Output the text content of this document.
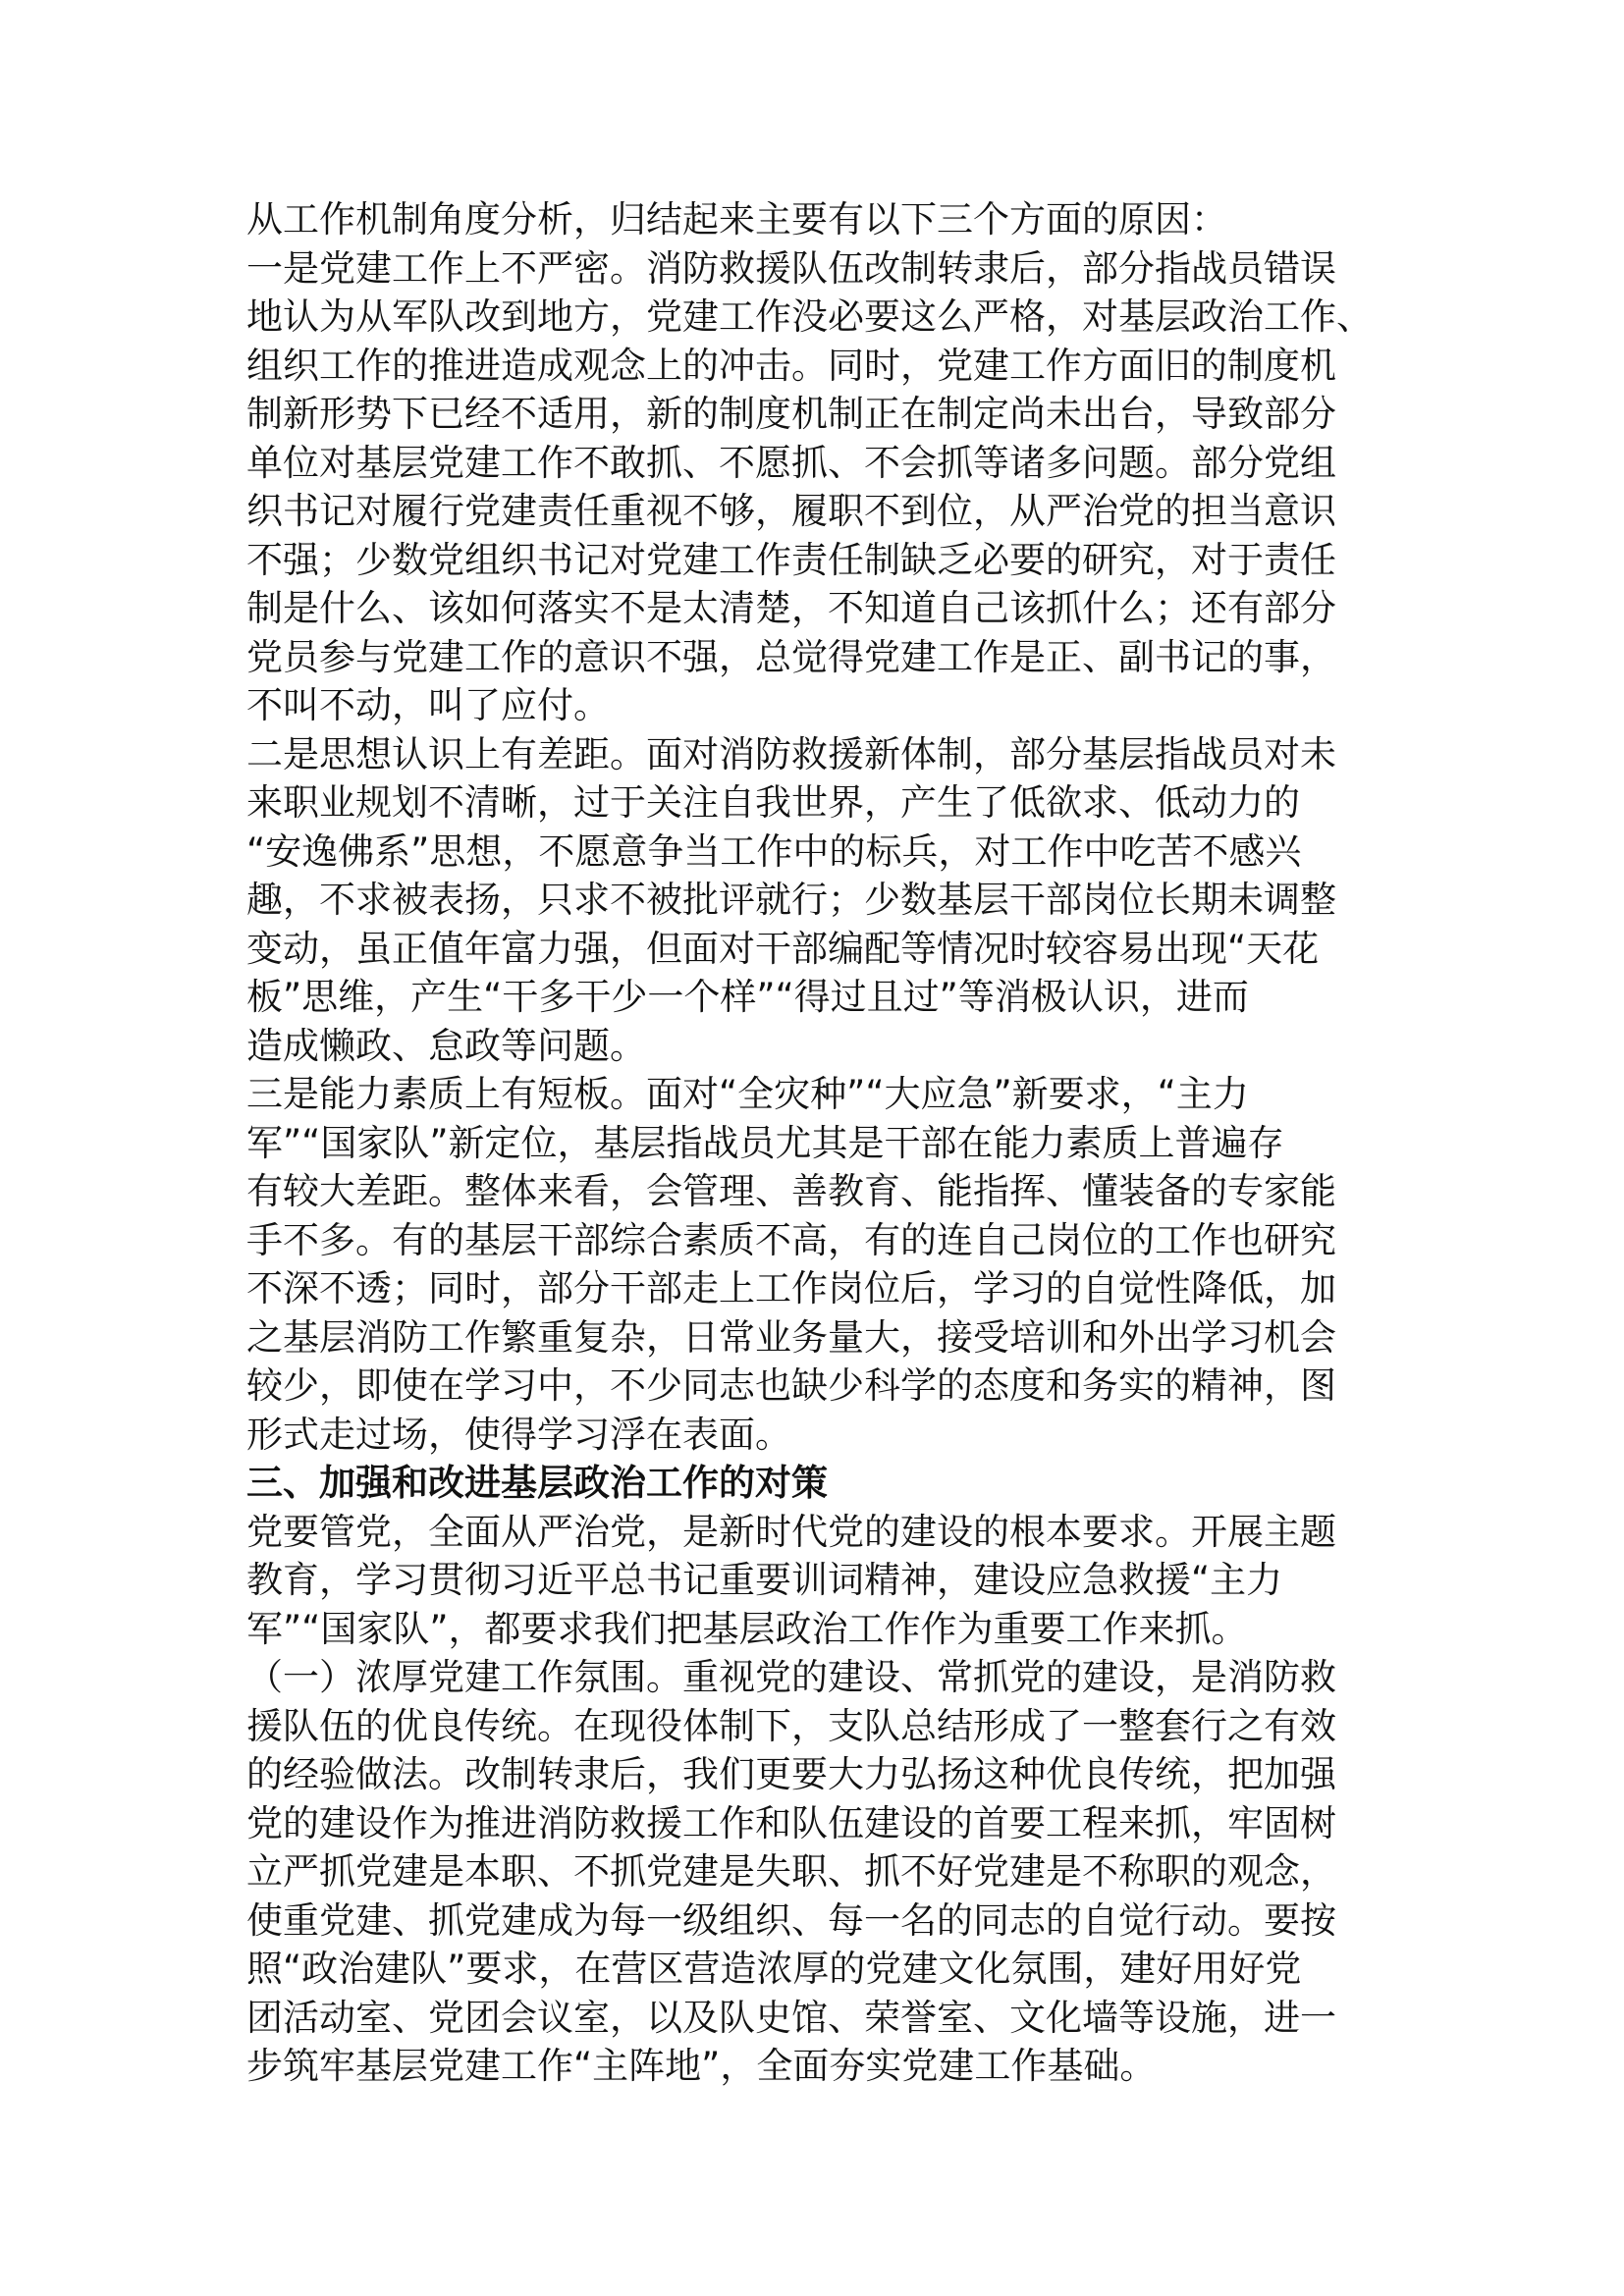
从工作机制角度分析，归结起来主要有以下三个方面的原因：
一是党建工作上不严密。消防救援队伍改制转隶后，部分指战员错误
地认为从军队改到地方，党建工作没必要这么严格，对基层政治工作、
组织工作的推进造成观念上的冲击。同时，党建工作方面旧的制度机
制新形势下已经不适用，新的制度机制正在制定尚未出台，导致部分
单位对基层党建工作不敢抓、不愿抓、不会抓等诸多问题。部分党组
织书记对履行党建责任重视不够，履职不到位，从严治党的担当意识
不强；少数党组织书记对党建工作责任制缺乏必要的研究，对于责任
制是什么、该如何落实不是太清楚，不知道自己该抓什么；还有部分
党员参与党建工作的意识不强，总觉得党建工作是正、副书记的事，
不叫不动，叫了应付。
二是思想认识上有差距。面对消防救援新体制，部分基层指战员对未
来职业规划不清晰，过于关注自我世界，产生了低欲求、低动力的
“安逸佛系”思想，不愿意争当工作中的标兵，对工作中吃苦不感兴
趣，不求被表扬，只求不被批评就行；少数基层干部岗位长期未调整
变动，虽正值年富力强，但面对干部编配等情况时较容易出现“天花
板”思维，产生“干多干少一个样”“得过且过”等消极认识，进而
造成懒政、怠政等问题。
三是能力素质上有短板。面对“全灾种”“大应急”新要求，“主力
军”“国家队”新定位，基层指战员尤其是干部在能力素质上普遍存
有较大差距。整体来看，会管理、善教育、能指挥、懂装备的专家能
手不多。有的基层干部综合素质不高，有的连自己岗位的工作也研究
不深不透；同时，部分干部走上工作岗位后，学习的自觉性降低，加
之基层消防工作繁重复杂，日常业务量大，接受培训和外出学习机会
较少，即使在学习中，不少同志也缺少科学的态度和务实的精神，图
形式走过场，使得学习浮在表面。
三、加强和改进基层政治工作的对策
党要管党，全面从严治党，是新时代党的建设的根本要求。开展主题
教育，学习贯彻习近平总书记重要训词精神，建设应急救援“主力
军”“国家队”，都要求我们把基层政治工作作为重要工作来抓。
（一）浓厚党建工作氛围。重视党的建设、常抓党的建设，是消防救
援队伍的优良传统。在现役体制下，支队总结形成了一整套行之有效
的经验做法。改制转隶后，我们更要大力弘扬这种优良传统，把加强
党的建设作为推进消防救援工作和队伍建设的首要工程来抓，牢固树
立严抓党建是本职、不抓党建是失职、抓不好党建是不称职的观念，
使重党建、抓党建成为每一级组织、每一名的同志的自觉行动。要按
照“政治建队”要求，在营区营造浓厚的党建文化氛围，建好用好党
团活动室、党团会议室，以及队史馆、荣誉室、文化墙等设施，进一
步筑牢基层党建工作“主阵地”，全面夯实党建工作基础。
